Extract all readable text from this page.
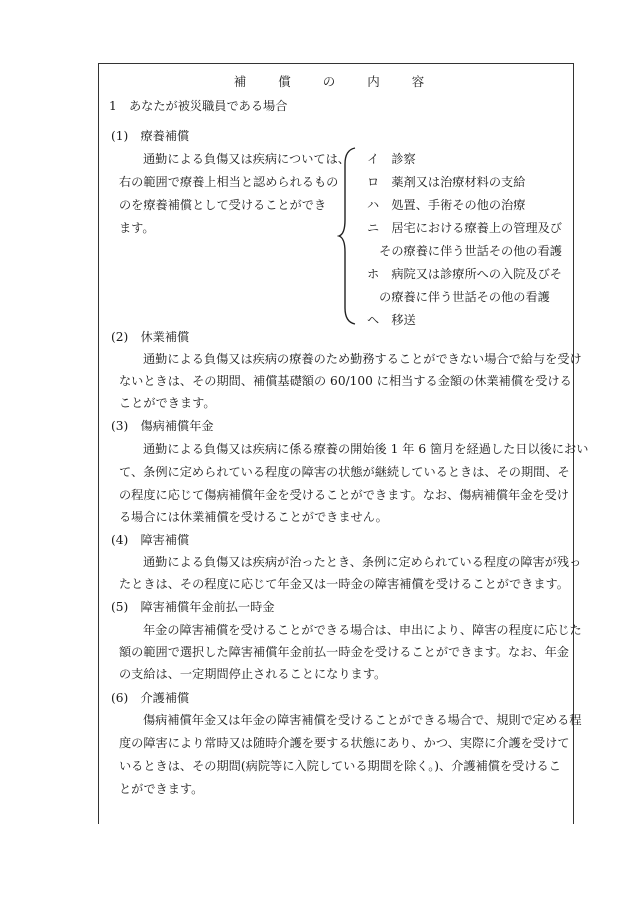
補 償 の 内 容
1　あなたが被災職員である場合
(1)　療養補償
通勤による負傷又は疾病については、
右の範囲で療養上相当と認められるもの
のを療養補償として受けることができ
ます。
イ　診察
ロ　薬剤又は治療材料の支給
ハ　処置、手術その他の治療
ニ　居宅における療養上の管理及び
　その療養に伴う世話その他の看護
ホ　病院又は診療所への入院及びそ
　の療養に伴う世話その他の看護
ヘ　移送
(2)　休業補償
通勤による負傷又は疾病の療養のため勤務することができない場合で給与を受け
ないときは、その期間、補償基礎額の 60/100 に相当する金額の休業補償を受ける
ことができます。
(3)　傷病補償年金
通勤による負傷又は疾病に係る療養の開始後 1 年 6 箇月を経過した日以後におい
て、条例に定められている程度の障害の状態が継続しているときは、その期間、そ
の程度に応じて傷病補償年金を受けることができます。なお、傷病補償年金を受け
る場合には休業補償を受けることができません。
(4)　障害補償
通勤による負傷又は疾病が治ったとき、条例に定められている程度の障害が残っ
たときは、その程度に応じて年金又は一時金の障害補償を受けることができます。
(5)　障害補償年金前払一時金
年金の障害補償を受けることができる場合は、申出により、障害の程度に応じた
額の範囲で選択した障害補償年金前払一時金を受けることができます。なお、年金
の支給は、一定期間停止されることになります。
(6)　介護補償
傷病補償年金又は年金の障害補償を受けることができる場合で、規則で定める程
度の障害により常時又は随時介護を要する状態にあり、かつ、実際に介護を受けて
いるときは、その期間(病院等に入院している期間を除く。)、介護補償を受けるこ
とができます。
